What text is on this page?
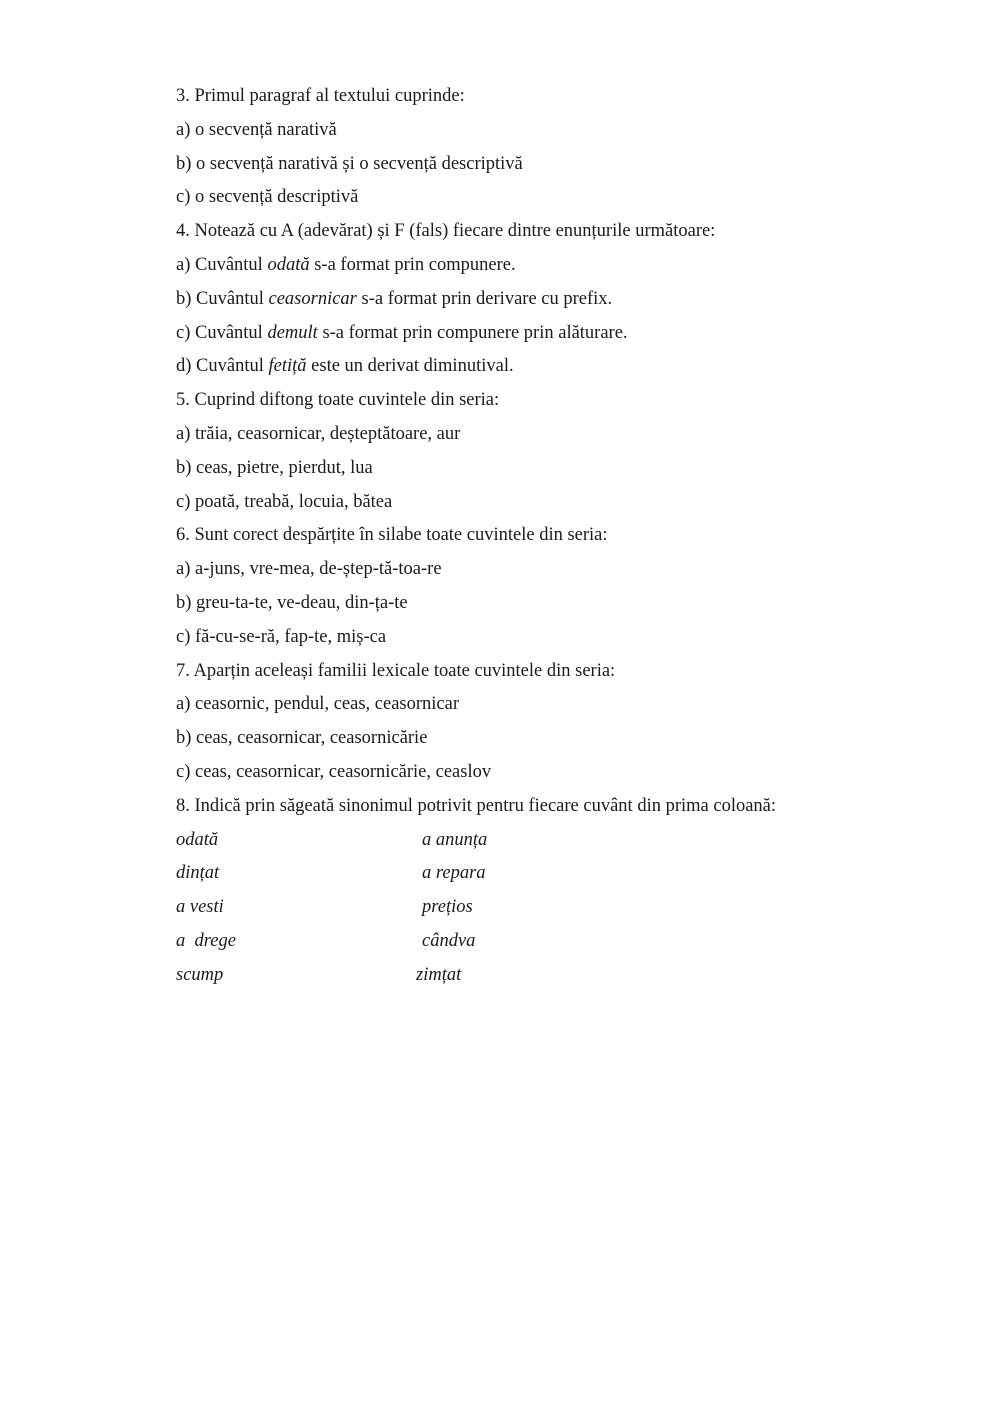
3. Primul paragraf al textului cuprinde:
a) o secvență narativă
b) o secvență narativă și o secvență descriptivă
c) o secvență descriptivă
4. Notează cu A (adevărat) și F (fals) fiecare dintre enunțurile următoare:
a) Cuvântul odată s-a format prin compunere.
b) Cuvântul ceasornicar s-a format prin derivare cu prefix.
c) Cuvântul demult s-a format prin compunere prin alăturare.
d) Cuvântul fetiță este un derivat diminutival.
5. Cuprind diftong toate cuvintele din seria:
a) trăia, ceasornicar, deșteptătoare, aur
b) ceas, pietre, pierdut, lua
c) poată, treabă, locuia, bătea
6. Sunt corect despărțite în silabe toate cuvintele din seria:
a) a-juns, vre-mea, de-ștep-tă-toa-re
b) greu-ta-te, ve-deau, din-ța-te
c) fă-cu-se-ră, fap-te, miș-ca
7. Aparțin aceleași familii lexicale toate cuvintele din seria:
a) ceasornic, pendul, ceas, ceasornicar
b) ceas, ceasornicar, ceasornicărie
c) ceas, ceasornicar, ceasornicărie, ceaslov
8. Indică prin săgeată sinonimul potrivit pentru fiecare cuvânt din prima coloană:
odată	a anunța
dințat	a repara
a vesti	prețios
a  drege	cândva
scump	zimțat
